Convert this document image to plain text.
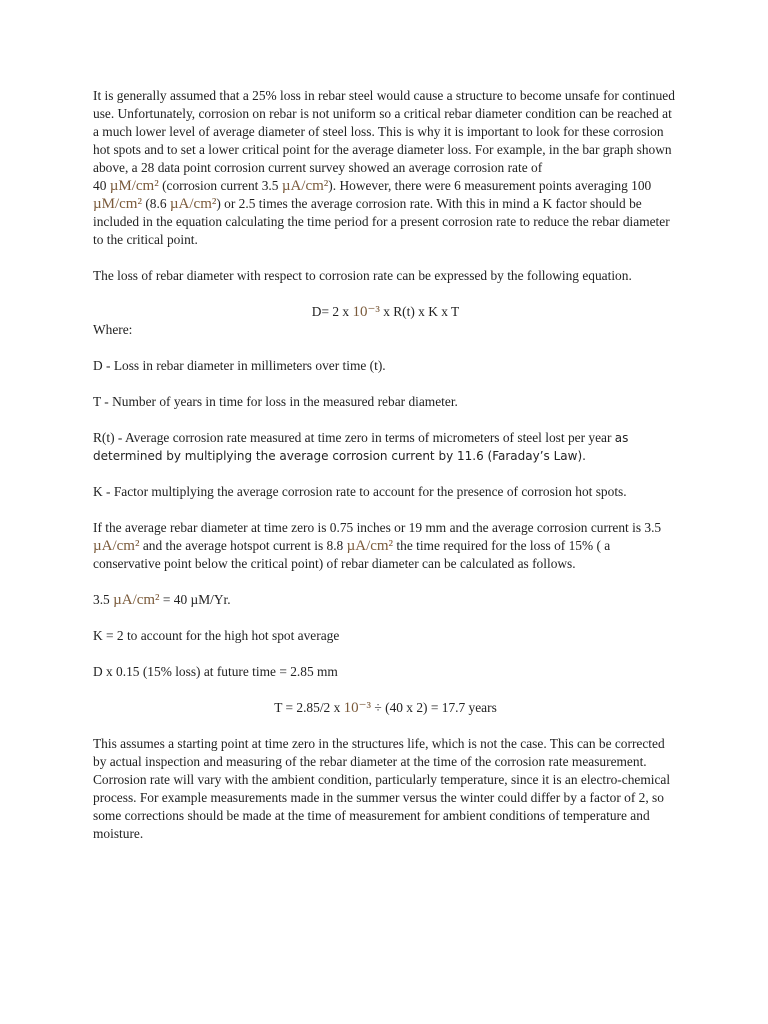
It is generally assumed that a 25% loss in rebar steel would cause a structure to become unsafe for continued use. Unfortunately, corrosion on rebar is not uniform so a critical rebar diameter condition can be reached at a much lower level of average diameter of steel loss. This is why it is important to look for these corrosion hot spots and to set a lower critical point for the average diameter loss. For example, in the bar graph shown above, a 28 data point corrosion current survey showed an average corrosion rate of
40 µM/cm² (corrosion current 3.5 µA/cm²). However, there were 6 measurement points averaging 100 µM/cm² (8.6 µA/cm²) or 2.5 times the average corrosion rate. With this in mind a K factor should be included in the equation calculating the time period for a present corrosion rate to reduce the rebar diameter to the critical point.

The loss of rebar diameter with respect to corrosion rate can be expressed by the following equation.

D= 2 x 10⁻³ x R(t) x K x T

Where:

D - Loss in rebar diameter in millimeters over time (t).

T - Number of years in time for loss in the measured rebar diameter.

R(t) - Average corrosion rate measured at time zero in terms of micrometers of steel lost per year as determined by multiplying the average corrosion current by 11.6 (Faraday’s Law).

K - Factor multiplying the average corrosion rate to account for the presence of corrosion hot spots.

If the average rebar diameter at time zero is 0.75 inches or 19 mm and the average corrosion current is 3.5 µA/cm² and the average hotspot current is 8.8 µA/cm² the time required for the loss of 15% ( a conservative point below the critical point) of rebar diameter can be calculated as follows.

3.5 µA/cm² = 40 µM/Yr.

K = 2 to account for the high hot spot average

D x 0.15 (15% loss) at future time = 2.85 mm

T = 2.85/2 x 10⁻³ ÷ (40 x 2) = 17.7 years

This assumes a starting point at time zero in the structures life, which is not the case. This can be corrected by actual inspection and measuring of the rebar diameter at the time of the corrosion rate measurement. Corrosion rate will vary with the ambient condition, particularly temperature, since it is an electro-chemical process. For example measurements made in the summer versus the winter could differ by a factor of 2, so some corrections should be made at the time of measurement for ambient conditions of temperature and moisture.
